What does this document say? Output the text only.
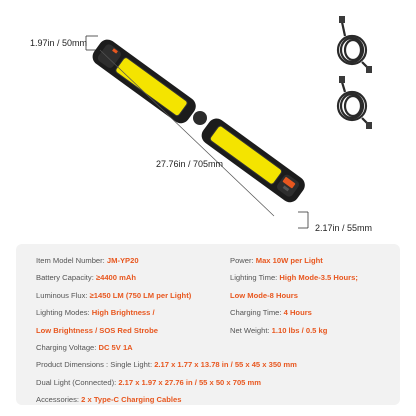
1.97in / 50mm
27.76in / 705mm
2.17in / 55mm
Item Model Number: JM-YP20
Battery Capacity: ≥4400 mAh
Luminous Flux: ≥1450 LM (750 LM per Light)
Lighting Modes: High Brightness /
Low Brightness / SOS Red Strobe
Charging Voltage: DC 5V 1A
Product Dimensions : Single Light: 2.17 x 1.77 x 13.78 in / 55 x 45 x 350 mm
Dual Light (Connected): 2.17 x 1.97 x 27.76 in / 55 x 50 x 705 mm
Accessories: 2 x Type-C Charging Cables
Power: Max 10W per Light
Lighting Time: High Mode-3.5 Hours;
Low Mode-8 Hours
Charging Time: 4 Hours
Net Weight: 1.10 lbs / 0.5 kg
